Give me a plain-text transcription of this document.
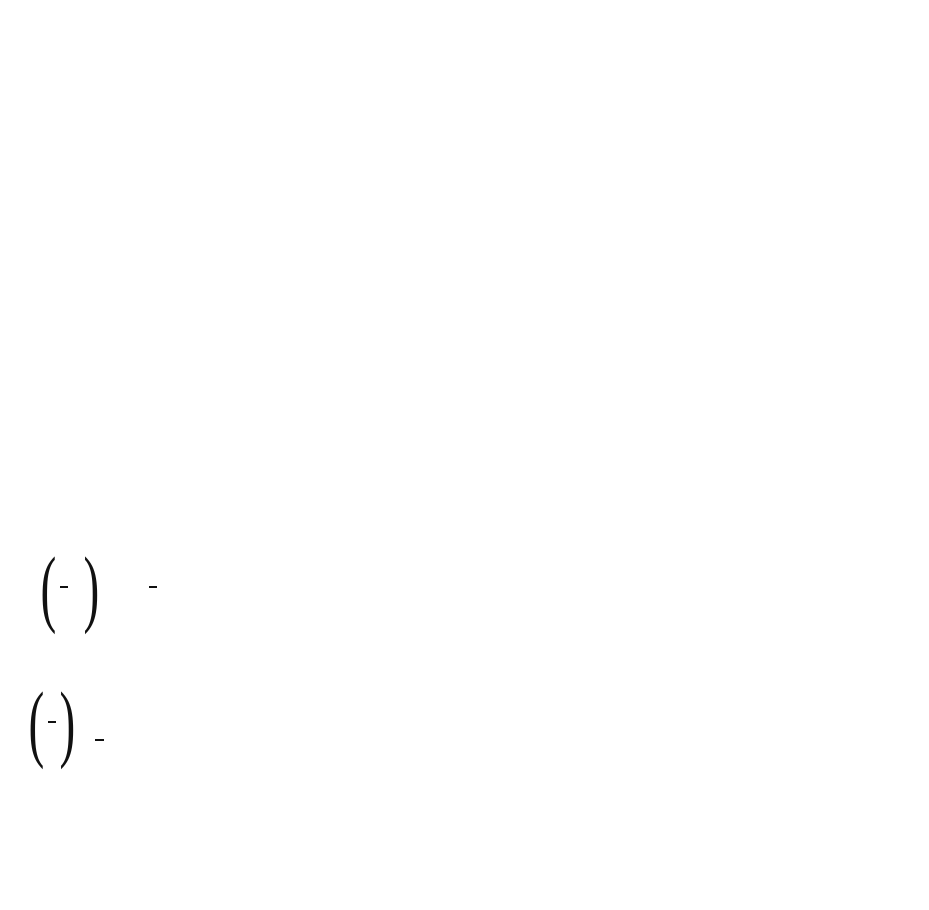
( )
( )
